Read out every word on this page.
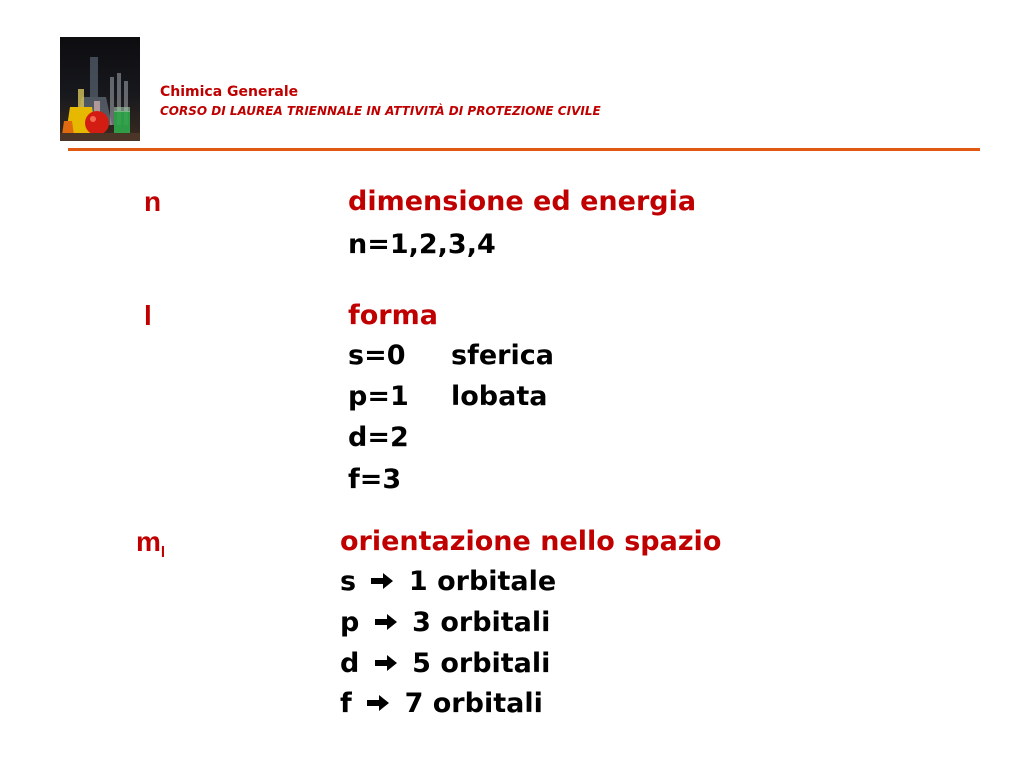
Chimica Generale
CORSO DI LAUREA TRIENNALE IN ATTIVITÀ DI PROTEZIONE CIVILE
n	dimensione ed energia
n=1,2,3,4
l	forma
s=0 sferica
p=1 lobata
d=2
f=3
$m_l$	orientazione nello spazio
s 1 orbitale
p 3 orbitali
d 5 orbitali
f 7 orbitali
